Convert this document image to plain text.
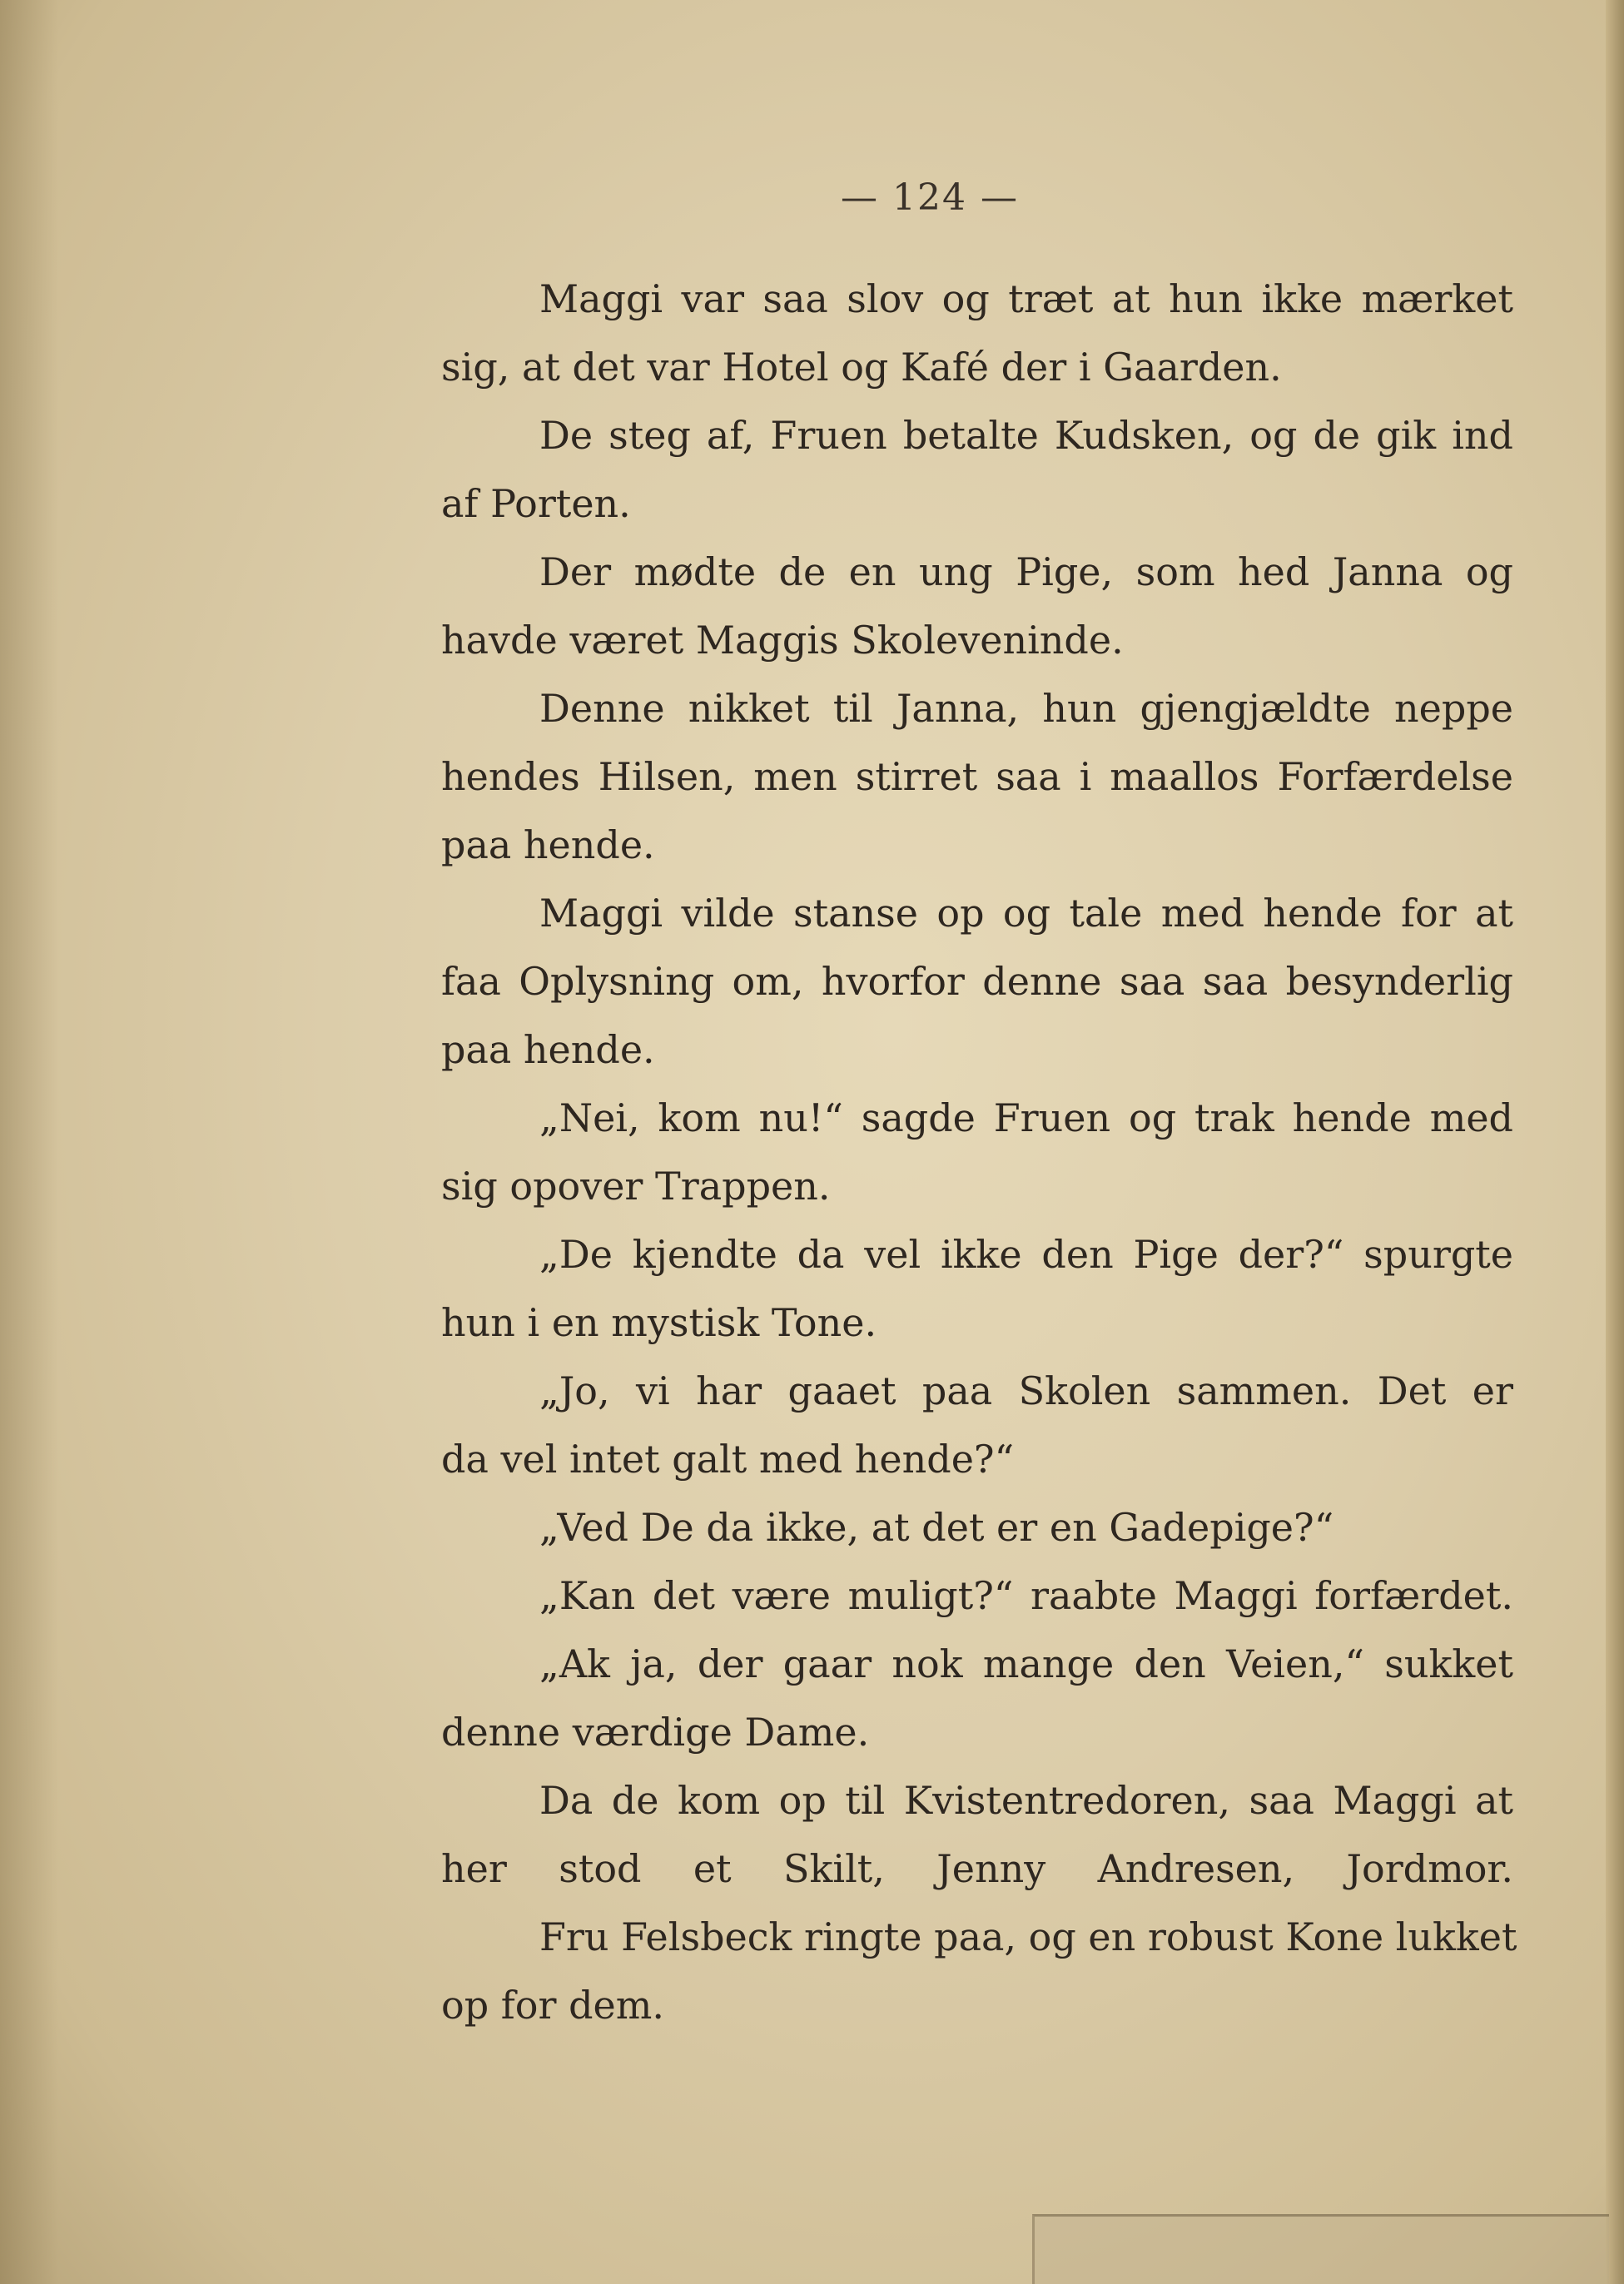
— 124 —
Maggi var saa slov og træt at hun ikke mærket
sig, at det var Hotel og Kafé der i Gaarden.
De steg af, Fruen betalte Kudsken, og de gik ind
af Porten.
Der mødte de en ung Pige, som hed Janna og
havde været Maggis Skoleveninde.
Denne nikket til Janna, hun gjengjældte neppe
hendes Hilsen, men stirret saa i maallos Forfærdelse
paa hende.
Maggi vilde stanse op og tale med hende for at
faa Oplysning om, hvorfor denne saa saa besynderlig
paa hende.
„Nei, kom nu!“ sagde Fruen og trak hende med
sig opover Trappen.
„De kjendte da vel ikke den Pige der?“ spurgte
hun i en mystisk Tone.
„Jo, vi har gaaet paa Skolen sammen. Det er
da vel intet galt med hende?“
„Ved De da ikke, at det er en Gadepige?“
„Kan det være muligt?“ raabte Maggi forfærdet.
„Ak ja, der gaar nok mange den Veien,“ sukket
denne værdige Dame.
Da de kom op til Kvistentredoren, saa Maggi at
her stod et Skilt, Jenny Andresen, Jordmor.
Fru Felsbeck ringte paa, og en robust Kone lukket
op for dem.
